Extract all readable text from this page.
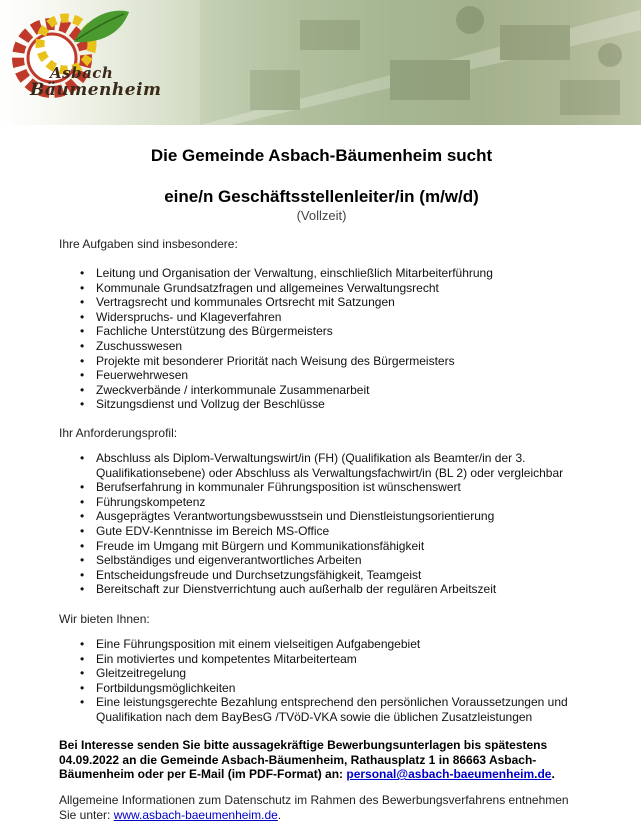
Asbach
Bäumenheim
Die Gemeinde Asbach-Bäumenheim sucht
eine/n Geschäftsstellenleiter/in (m/w/d)
(Vollzeit)
Ihre Aufgaben sind insbesondere:
• Leitung und Organisation der Verwaltung, einschließlich Mitarbeiterführung
• Kommunale Grundsatzfragen und allgemeines Verwaltungsrecht
• Vertragsrecht und kommunales Ortsrecht mit Satzungen
• Widerspruchs- und Klageverfahren
• Fachliche Unterstützung des Bürgermeisters
• Zuschusswesen
• Projekte mit besonderer Priorität nach Weisung des Bürgermeisters
• Feuerwehrwesen
• Zweckverbände / interkommunale Zusammenarbeit
• Sitzungsdienst und Vollzug der Beschlüsse
Ihr Anforderungsprofil:
• Abschluss als Diplom-Verwaltungswirt/in (FH) (Qualifikation als Beamter/in der 3. Qualifikationsebene) oder Abschluss als Verwaltungsfachwirt/in (BL 2) oder vergleichbar
• Berufserfahrung in kommunaler Führungsposition ist wünschenswert
• Führungskompetenz
• Ausgeprägtes Verantwortungsbewusstsein und Dienstleistungsorientierung
• Gute EDV-Kenntnisse im Bereich MS-Office
• Freude im Umgang mit Bürgern und Kommunikationsfähigkeit
• Selbständiges und eigenverantwortliches Arbeiten
• Entscheidungsfreude und Durchsetzungsfähigkeit, Teamgeist
• Bereitschaft zur Dienstverrichtung auch außerhalb der regulären Arbeitszeit
Wir bieten Ihnen:
• Eine Führungsposition mit einem vielseitigen Aufgabengebiet
• Ein motiviertes und kompetentes Mitarbeiterteam
• Gleitzeitregelung
• Fortbildungsmöglichkeiten
• Eine leistungsgerechte Bezahlung entsprechend den persönlichen Voraussetzungen und Qualifikation nach dem BayBesG /TVöD-VKA sowie die üblichen Zusatzleistungen
Bei Interesse senden Sie bitte aussagekräftige Bewerbungsunterlagen bis spätestens 04.09.2022 an die Gemeinde Asbach-Bäumenheim, Rathausplatz 1 in 86663 Asbach-Bäumenheim oder per E-Mail (im PDF-Format) an: personal@asbach-baeumenheim.de.
Allgemeine Informationen zum Datenschutz im Rahmen des Bewerbungsverfahrens entnehmen Sie unter: www.asbach-baeumenheim.de.
